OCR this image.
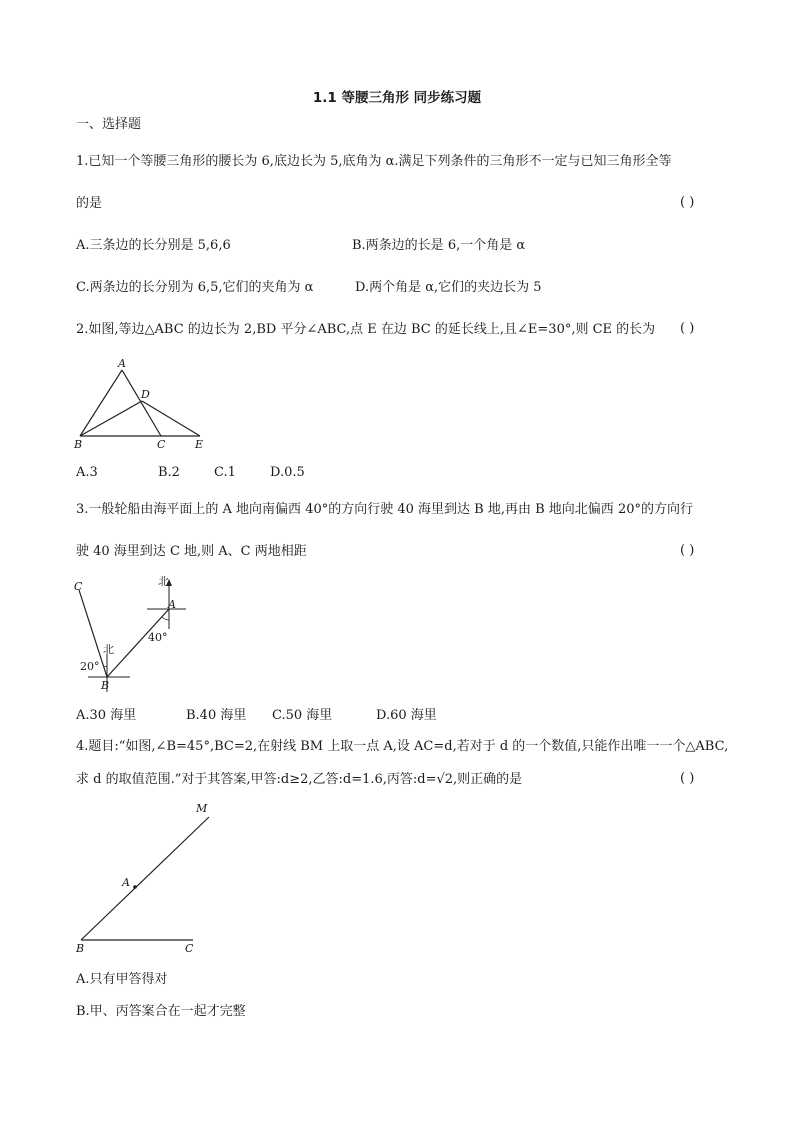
1.1 等腰三角形 同步练习题
一、选择题
1.已知一个等腰三角形的腰长为 6,底边长为 5,底角为 α.满足下列条件的三角形不一定与已知三角形全等
的是	( )
A.三条边的长分别是 5,6,6	B.两条边的长是 6,一个角是 α
C.两条边的长分别为 6,5,它们的夹角为 α	D.两个角是 α,它们的夹边长为 5
2.如图,等边△ABC 的边长为 2,BD 平分∠ABC,点 E 在边 BC 的延长线上,且∠E=30°,则 CE 的长为 ( )
A
D
B	C	E
A.3	B.2	C.1	D.0.5
3.一般轮船由海平面上的 A 地向南偏西 40°的方向行驶 40 海里到达 B 地,再由 B 地向北偏西 20°的方向行
驶 40 海里到达 C 地,则 A、C 两地相距	( )
C	北
A
40°
北
20°
B
A.30 海里	B.40 海里 C.50 海里	D.60 海里
4.题目:“如图,∠B=45°,BC=2,在射线 BM 上取一点 A,设 AC=d,若对于 d 的一个数值,只能作出唯一一个△ABC,
求 d 的取值范围.”对于其答案,甲答:d≥2,乙答:d=1.6,丙答:d=√2,则正确的是	( )
M
A
B	C
A.只有甲答得对
B.甲、丙答案合在一起才完整
